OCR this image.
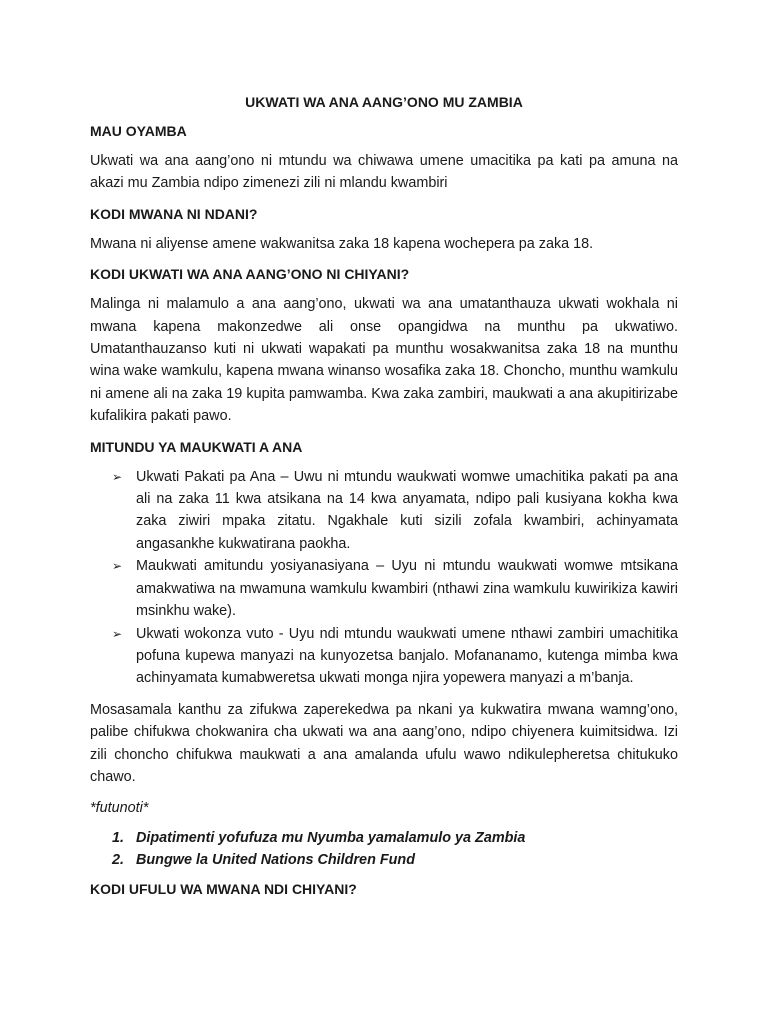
UKWATI WA ANA AANG’ONO MU ZAMBIA
MAU OYAMBA

Ukwati wa ana aang’ono ni mtundu wa chiwawa umene umacitika pa kati pa amuna na akazi mu Zambia ndipo zimenezi zili ni mlandu kwambiri

KODI MWANA NI NDANI?

Mwana ni aliyense amene wakwanitsa zaka 18 kapena wochepera pa zaka 18.

KODI UKWATI WA ANA AANG’ONO NI CHIYANI?

Malinga ni malamulo a ana aang’ono, ukwati wa ana umatanthauza ukwati wokhala ni mwana kapena makonzedwe ali onse opangidwa na munthu pa ukwatiwo. Umatanthauzanso kuti ni ukwati wapakati pa munthu wosakwanitsa zaka 18 na munthu wina wake wamkulu, kapena mwana winanso wosafika zaka 18. Choncho, munthu wamkulu ni amene ali na zaka 19 kupita pamwamba. Kwa zaka zambiri, maukwati a ana akupitirizabe kufalikira pakati pawo.

MITUNDU YA MAUKWATI A ANA
➢ Ukwati Pakati pa Ana – Uwu ni mtundu waukwati womwe umachitika pakati pa ana ali na zaka 11 kwa atsikana na 14 kwa anyamata, ndipo pali kusiyana kokha kwa zaka ziwiri mpaka zitatu. Ngakhale kuti sizili zofala kwambiri, achinyamata angasankhe kukwatirana paokha.
➢ Maukwati amitundu yosiyanasiyana – Uyu ni mtundu waukwati womwe mtsikana amakwatiwa na mwamuna wamkulu kwambiri (nthawi zina wamkulu kuwirikiza kawiri msinkhu wake).
➢ Ukwati wokonza vuto - Uyu ndi mtundu waukwati umene nthawi zambiri umachitika pofuna kupewa manyazi na kunyozetsa banjalo. Mofananamo, kutenga mimba kwa achinyamata kumabweretsa ukwati monga njira yopewera manyazi a m’banja.

Mosasamala kanthu za zifukwa zaperekedwa pa nkani ya kukwatira mwana wamng’ono, palibe chifukwa chokwanira cha ukwati wa ana aang’ono, ndipo chiyenera kuimitsidwa. Izi zili choncho chifukwa maukwati a ana amalanda ufulu wawo ndikulepheretsa chitukuko chawo.

*futunoti*
1. Dipatimenti yofufuza mu Nyumba yamalamulo ya Zambia
2. Bungwe la United Nations Children Fund
KODI UFULU WA MWANA NDI CHIYANI?
